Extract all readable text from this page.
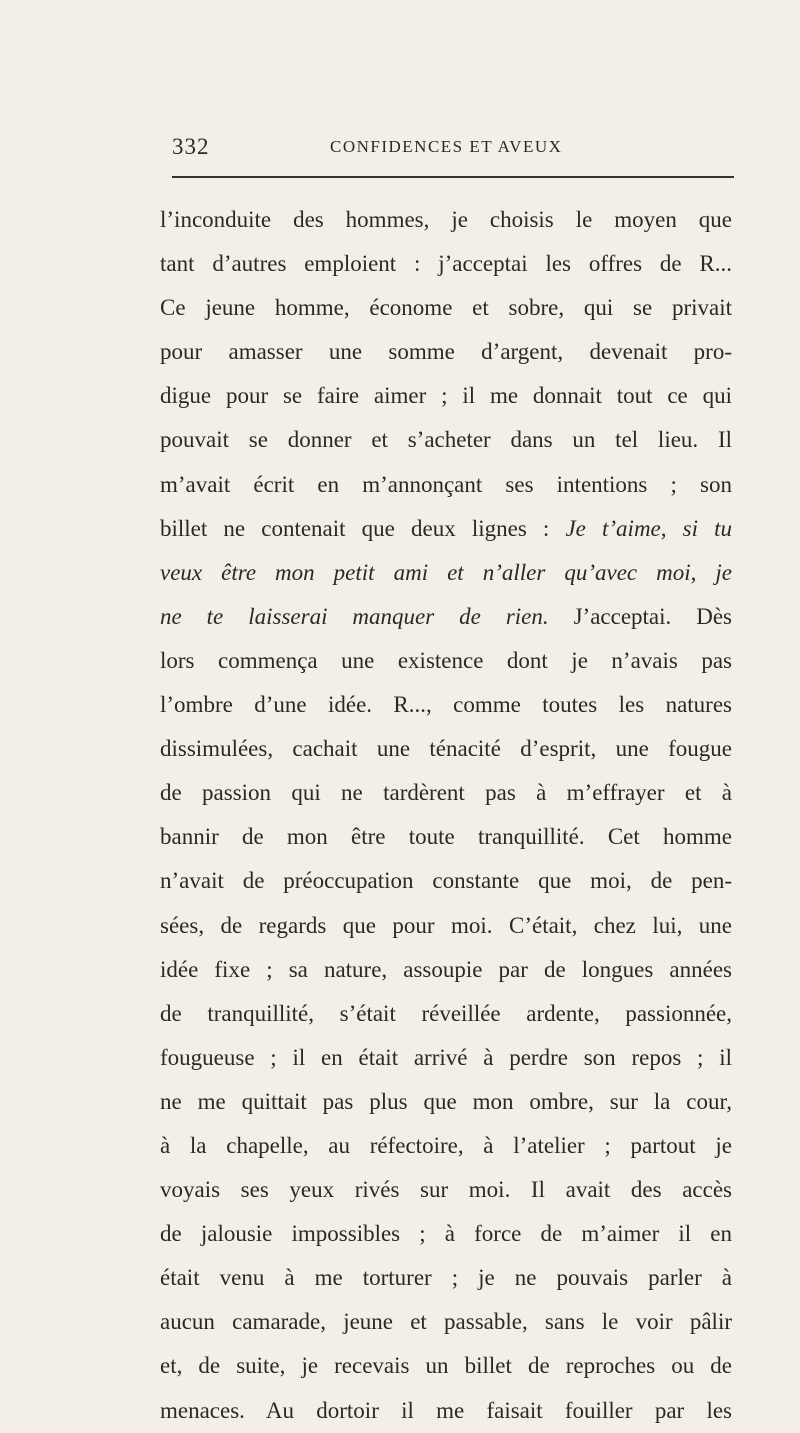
332	CONFIDENCES ET AVEUX
l’inconduite des hommes, je choisis le moyen que
tant d’autres emploient : j’acceptai les offres de R...
Ce jeune homme, économe et sobre, qui se privait
pour amasser une somme d’argent, devenait pro-
digue pour se faire aimer ; il me donnait tout ce qui
pouvait se donner et s’acheter dans un tel lieu. Il
m’avait écrit en m’annonçant ses intentions ; son
billet ne contenait que deux lignes : Je t’aime, si tu
veux être mon petit ami et n’aller qu’avec moi, je
ne te laisserai manquer de rien. J’acceptai. Dès
lors commença une existence dont je n’avais pas
l’ombre d’une idée. R..., comme toutes les natures
dissimulées, cachait une ténacité d’esprit, une fougue
de passion qui ne tardèrent pas à m’effrayer et à
bannir de mon être toute tranquillité. Cet homme
n’avait de préoccupation constante que moi, de pen-
sées, de regards que pour moi. C’était, chez lui, une
idée fixe ; sa nature, assoupie par de longues années
de tranquillité, s’était réveillée ardente, passionnée,
fougueuse ; il en était arrivé à perdre son repos ; il
ne me quittait pas plus que mon ombre, sur la cour,
à la chapelle, au réfectoire, à l’atelier ; partout je
voyais ses yeux rivés sur moi. Il avait des accès
de jalousie impossibles ; à force de m’aimer il en
était venu à me torturer ; je ne pouvais parler à
aucun camarade, jeune et passable, sans le voir pâlir
et, de suite, je recevais un billet de reproches ou de
menaces. Au dortoir il me faisait fouiller par les
